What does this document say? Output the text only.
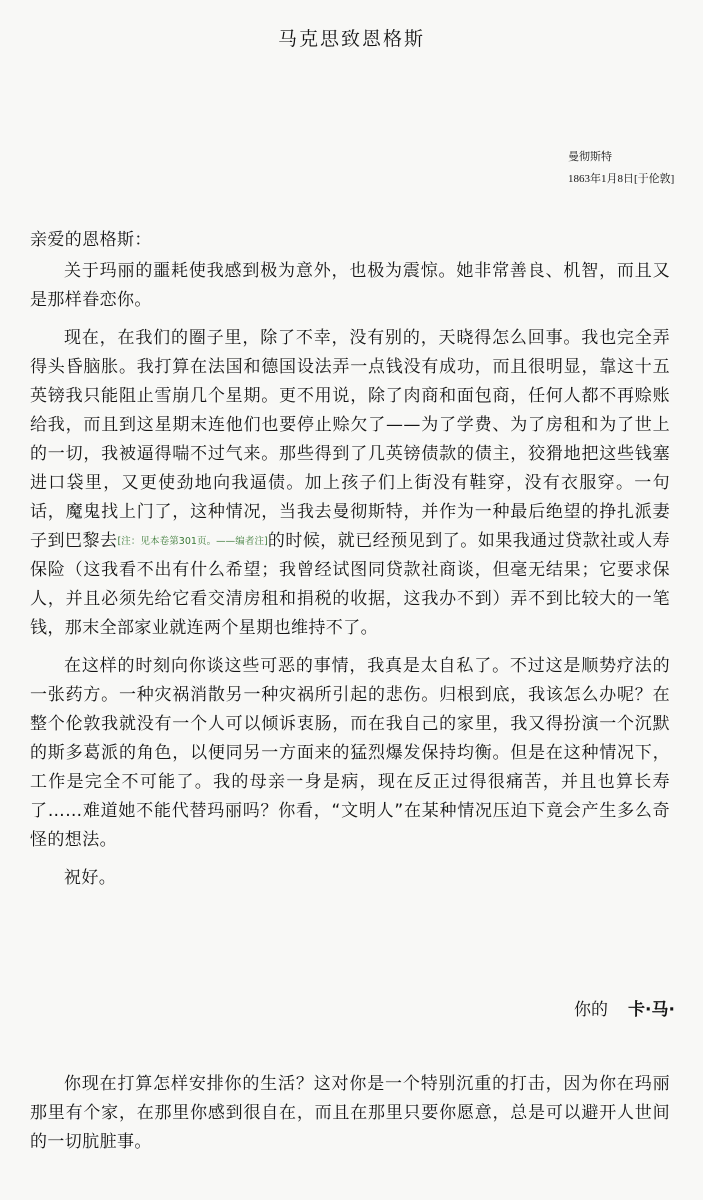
马克思致恩格斯
曼彻斯特
1863年1月8日[于伦敦]

亲爱的恩格斯：

关于玛丽的噩耗使我感到极为意外，也极为震惊。她非常善良、机智，而且又是那样眷恋你。

现在，在我们的圈子里，除了不幸，没有别的，天晓得怎么回事。我也完全弄得头昏脑胀。我打算在法国和德国设法弄一点钱没有成功，而且很明显，靠这十五英镑我只能阻止雪崩几个星期。更不用说，除了肉商和面包商，任何人都不再赊账给我，而且到这星期末连他们也要停止赊欠了——为了学费、为了房租和为了世上的一切，我被逼得喘不过气来。那些得到了几英镑债款的债主，狡猾地把这些钱塞进口袋里，又更使劲地向我逼债。加上孩子们上街没有鞋穿，没有衣服穿。一句话，魔鬼找上门了，这种情况，当我去曼彻斯特，并作为一种最后绝望的挣扎派妻子到巴黎去[注：见本卷第301页。——编者注]的时候，就已经预见到了。如果我通过贷款社或人寿保险（这我看不出有什么希望；我曾经试图同贷款社商谈，但毫无结果；它要求保人，并且必须先给它看交清房租和捐税的收据，这我办不到）弄不到比较大的一笔钱，那末全部家业就连两个星期也维持不了。

在这样的时刻向你谈这些可恶的事情，我真是太自私了。不过这是顺势疗法的一张药方。一种灾祸消散另一种灾祸所引起的悲伤。归根到底，我该怎么办呢？在整个伦敦我就没有一个人可以倾诉衷肠，而在我自己的家里，我又得扮演一个沉默的斯多葛派的角色，以便同另一方面来的猛烈爆发保持均衡。但是在这种情况下，工作是完全不可能了。我的母亲一身是病，现在反正过得很痛苦，并且也算长寿了……难道她不能代替玛丽吗？你看，“文明人”在某种情况压迫下竟会产生多么奇怪的想法。

祝好。

你的 卡·马·

你现在打算怎样安排你的生活？这对你是一个特别沉重的打击，因为你在玛丽那里有个家，在那里你感到很自在，而且在那里只要你愿意，总是可以避开人世间的一切肮脏事。
